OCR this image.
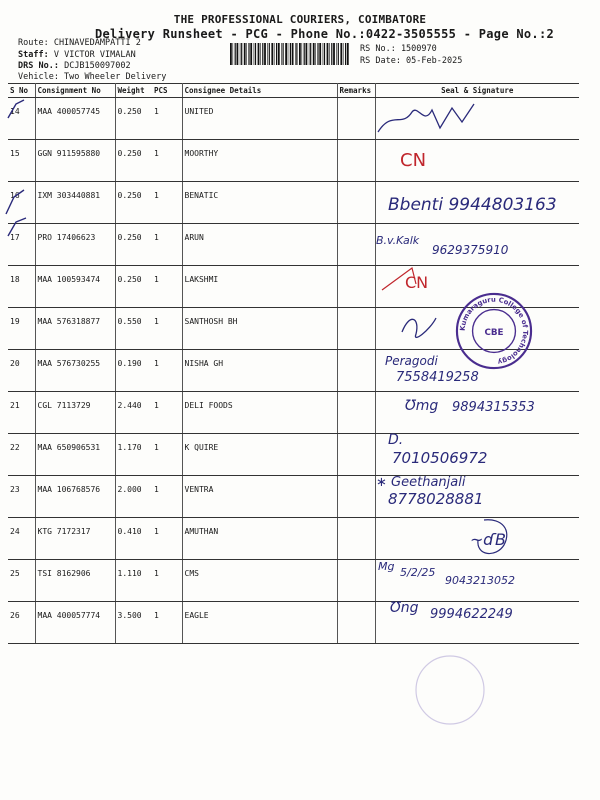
THE PROFESSIONAL COURIERS, COIMBATORE
Delivery Runsheet - PCG - Phone No.:0422-3505555 - Page No.:2
Route: CHINAVEDAMPATTI 2
Staff: V VICTOR VIMALAN
DRS No.: DCJB150097002
Vehicle: Two Wheeler Delivery
RS No.: 1500970
RS Date: 05-Feb-2025
S No	Consignment No	Weight	PCS	Consignee Details	Remarks	Seal & Signature
14	MAA 400057745	0.250	1	UNITED		
15	GGN 911595880	0.250	1	MOORTHY		
16	IXM 303440881	0.250	1	BENATIC		
17	PRO 17406623	0.250	1	ARUN		
18	MAA 100593474	0.250	1	LAKSHMI		
19	MAA 576318877	0.550	1	SANTHOSH BH		
20	MAA 576730255	0.190	1	NISHA GH		
21	CGL 7113729	2.440	1	DELI FOODS		
22	MAA 650906531	1.170	1	K QUIRE		
23	MAA 106768576	2.000	1	VENTRA		
24	KTG 7172317	0.410	1	AMUTHAN		
25	TSI 8162906	1.110	1	CMS		
26	MAA 400057774	3.500	1	EAGLE		
Bbenti 9944803163
B.v.Kalk
9629375910
CN
CN
Peragodi
7558419258
Ʊmg 9894315353
D.
7010506972
∗ Geethanjali
8778028881
~ɗB
Mg 5/2/25
9043213052
Ʊng 9994622249
Kumaraguru College of Technology
CBE
